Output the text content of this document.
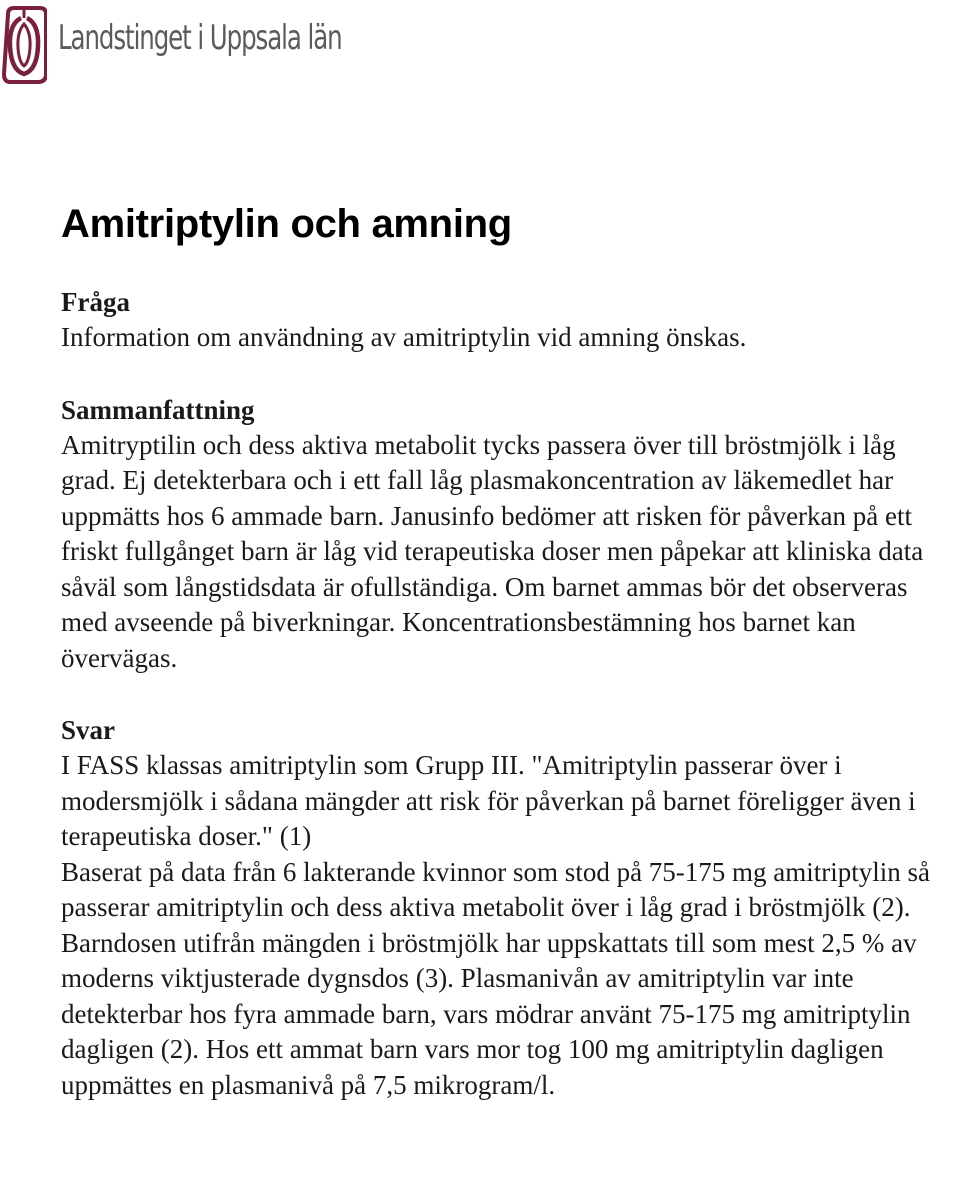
Landstinget i Uppsala län
Amitriptylin och amning

Fråga

Information om användning av amitriptylin vid amning önskas.

Sammanfattning

Amitryptilin och dess aktiva metabolit tycks passera över till bröstmjölk i låg grad. Ej detekterbara och i ett fall låg plasmakoncentration av läkemedlet har uppmätts hos 6 ammade barn. Janusinfo bedömer att risken för påverkan på ett friskt fullgånget barn är låg vid terapeutiska doser men påpekar att kliniska data såväl som långstidsdata är ofullständiga. Om barnet ammas bör det observeras med avseende på biverkningar. Koncentrationsbestämning hos barnet kan övervägas.

Svar

I FASS klassas amitriptylin som Grupp III. "Amitriptylin passerar över i modersmjölk i sådana mängder att risk för påverkan på barnet föreligger även i terapeutiska doser." (1)

Baserat på data från 6 lakterande kvinnor som stod på 75-175 mg amitriptylin så passerar amitriptylin och dess aktiva metabolit över i låg grad i bröstmjölk (2). Barndosen utifrån mängden i bröstmjölk har uppskattats till som mest 2,5 % av moderns viktjusterade dygnsdos (3). Plasmanivån av amitriptylin var inte detekterbar hos fyra ammade barn, vars mödrar använt 75-175 mg amitriptylin dagligen (2). Hos ett ammat barn vars mor tog 100 mg amitriptylin dagligen uppmättes en plasmanivå på 7,5 mikrogram/l.
